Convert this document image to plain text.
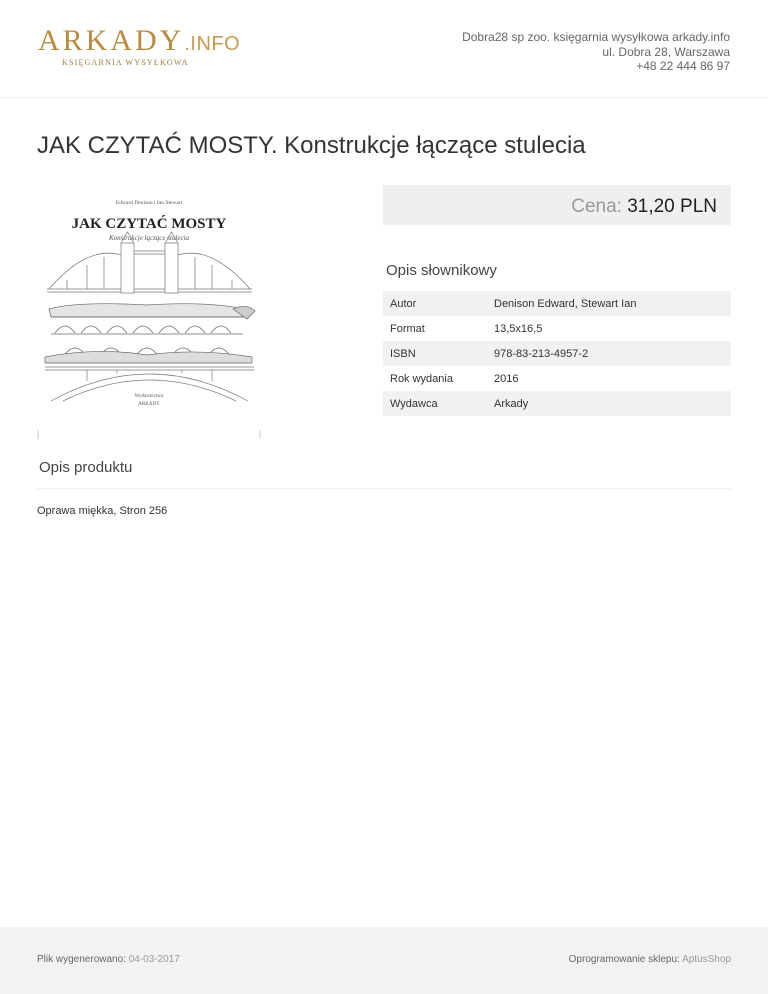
ARKADY.INFO
KSIĘGARNIA WYSYŁKOWA
Dobra28 sp zoo. księgarnia wysyłkowa arkady.info
ul. Dobra 28, Warszawa
+48 22 444 86 97
JAK CZYTAĆ MOSTY. Konstrukcje łączące stulecia
Edward Denison i Ian Stewart
JAK CZYTAĆ MOSTY
Konstrukcje łączące stulecia
Wydawnictwo
ARKADY
Cena: 31,20 PLN
Opis słownikowy
Autor	Denison Edward, Stewart Ian
Format	13,5x16,5
ISBN	978-83-213-4957-2
Rok wydania	2016
Wydawca	Arkady
Opis produktu
Oprawa miękka, Stron 256
Plik wygenerowano: 04-03-2017	Oprogramowanie sklepu: AptusShop
